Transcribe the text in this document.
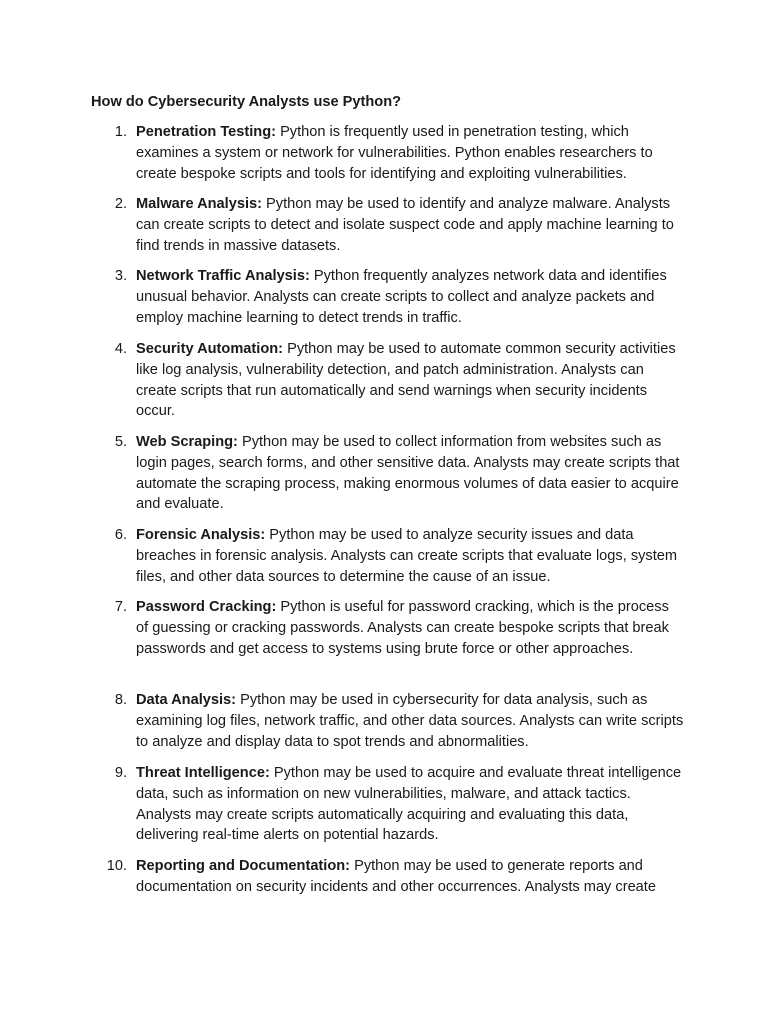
How do Cybersecurity Analysts use Python?
1. Penetration Testing: Python is frequently used in penetration testing, which examines a system or network for vulnerabilities. Python enables researchers to create bespoke scripts and tools for identifying and exploiting vulnerabilities.

2. Malware Analysis: Python may be used to identify and analyze malware. Analysts can create scripts to detect and isolate suspect code and apply machine learning to find trends in massive datasets.

3. Network Traffic Analysis: Python frequently analyzes network data and identifies unusual behavior. Analysts can create scripts to collect and analyze packets and employ machine learning to detect trends in traffic.

4. Security Automation: Python may be used to automate common security activities like log analysis, vulnerability detection, and patch administration. Analysts can create scripts that run automatically and send warnings when security incidents occur.

5. Web Scraping: Python may be used to collect information from websites such as login pages, search forms, and other sensitive data. Analysts may create scripts that automate the scraping process, making enormous volumes of data easier to acquire and evaluate.

6. Forensic Analysis: Python may be used to analyze security issues and data breaches in forensic analysis. Analysts can create scripts that evaluate logs, system files, and other data sources to determine the cause of an issue.

7. Password Cracking: Python is useful for password cracking, which is the process of guessing or cracking passwords. Analysts can create bespoke scripts that break passwords and get access to systems using brute force or other approaches.

8. Data Analysis: Python may be used in cybersecurity for data analysis, such as examining log files, network traffic, and other data sources. Analysts can write scripts to analyze and display data to spot trends and abnormalities.

9. Threat Intelligence: Python may be used to acquire and evaluate threat intelligence data, such as information on new vulnerabilities, malware, and attack tactics. Analysts may create scripts automatically acquiring and evaluating this data, delivering real-time alerts on potential hazards.

10. Reporting and Documentation: Python may be used to generate reports and documentation on security incidents and other occurrences. Analysts may create
